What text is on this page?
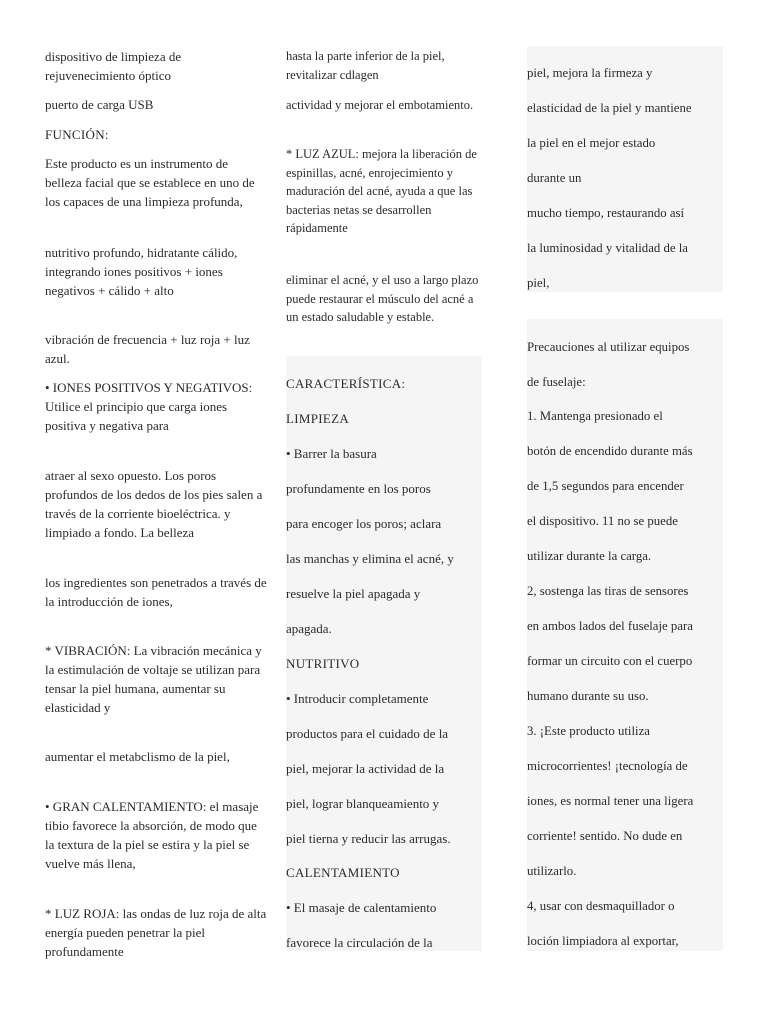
dispositivo de limpieza de rejuvenecimiento óptico

puerto de carga USB

FUNCIÓN:

Este producto es un instrumento de belleza facial que se establece en uno de los capaces de una limpieza profunda,

nutritivo profundo, hidratante cálido, integrando iones positivos + iones negativos + cálido + alto

vibración de frecuencia + luz roja + luz azul.

• IONES POSITIVOS Y NEGATIVOS: Utilice el principio que carga iones positiva y negativa para

atraer al sexo opuesto. Los poros profundos de los dedos de los pies salen a través de la corriente bioeléctrica. y limpiado a fondo. La belleza

los ingredientes son penetrados a través de la introducción de iones,

* VIBRACIÓN: La vibración mecánica y la estimulación de voltaje se utilizan para tensar la piel humana, aumentar su elasticidad y

aumentar el metabclismo de la piel,

• GRAN CALENTAMIENTO: el masaje tibio favorece la absorción, de modo que la textura de la piel se estira y la piel se vuelve más llena,

* LUZ ROJA: las ondas de luz roja de alta energía pueden penetrar la piel profundamente

hasta la parte inferior de la piel, revitalizar cdlagen

actividad y mejorar el embotamiento.

* LUZ AZUL: mejora la liberación de espinillas, acné, enrojecimiento y maduración del acné, ayuda a que las bacterias netas se desarrollen rápidamente

eliminar el acné, y el uso a largo plazo puede restaurar el músculo del acné a un estado saludable y estable.

CARACTERÍSTICA:
LIMPIEZA
• Barrer la basura
profundamente en los poros
para encoger los poros; aclara
las manchas y elimina el acné, y
resuelve la piel apagada y
apagada.
NUTRITIVO
• Introducir completamente
productos para el cuidado de la
piel, mejorar la actividad de la
piel, lograr blanqueamiento y
piel tierna y reducir las arrugas.
CALENTAMIENTO
• El masaje de calentamiento
favorece la circulación de la
piel, mejora la firmeza y
elasticidad de la piel y mantiene
la piel en el mejor estado
durante un
mucho tiempo, restaurando así
la luminosidad y vitalidad de la
piel,
Precauciones al utilizar equipos
de fuselaje:
1. Mantenga presionado el
botón de encendido durante más
de 1,5 segundos para encender
el dispositivo. 11 no se puede
utilizar durante la carga.
2, sostenga las tiras de sensores
en ambos lados del fuselaje para
formar un circuito con el cuerpo
humano durante su uso.
3. ¡Este producto utiliza
microcorrientes! ¡tecnología de
iones, es normal tener una ligera
corriente! sentido. No dude en
utilizarlo.
4, usar con desmaquillador o
loción limpiadora al exportar,
